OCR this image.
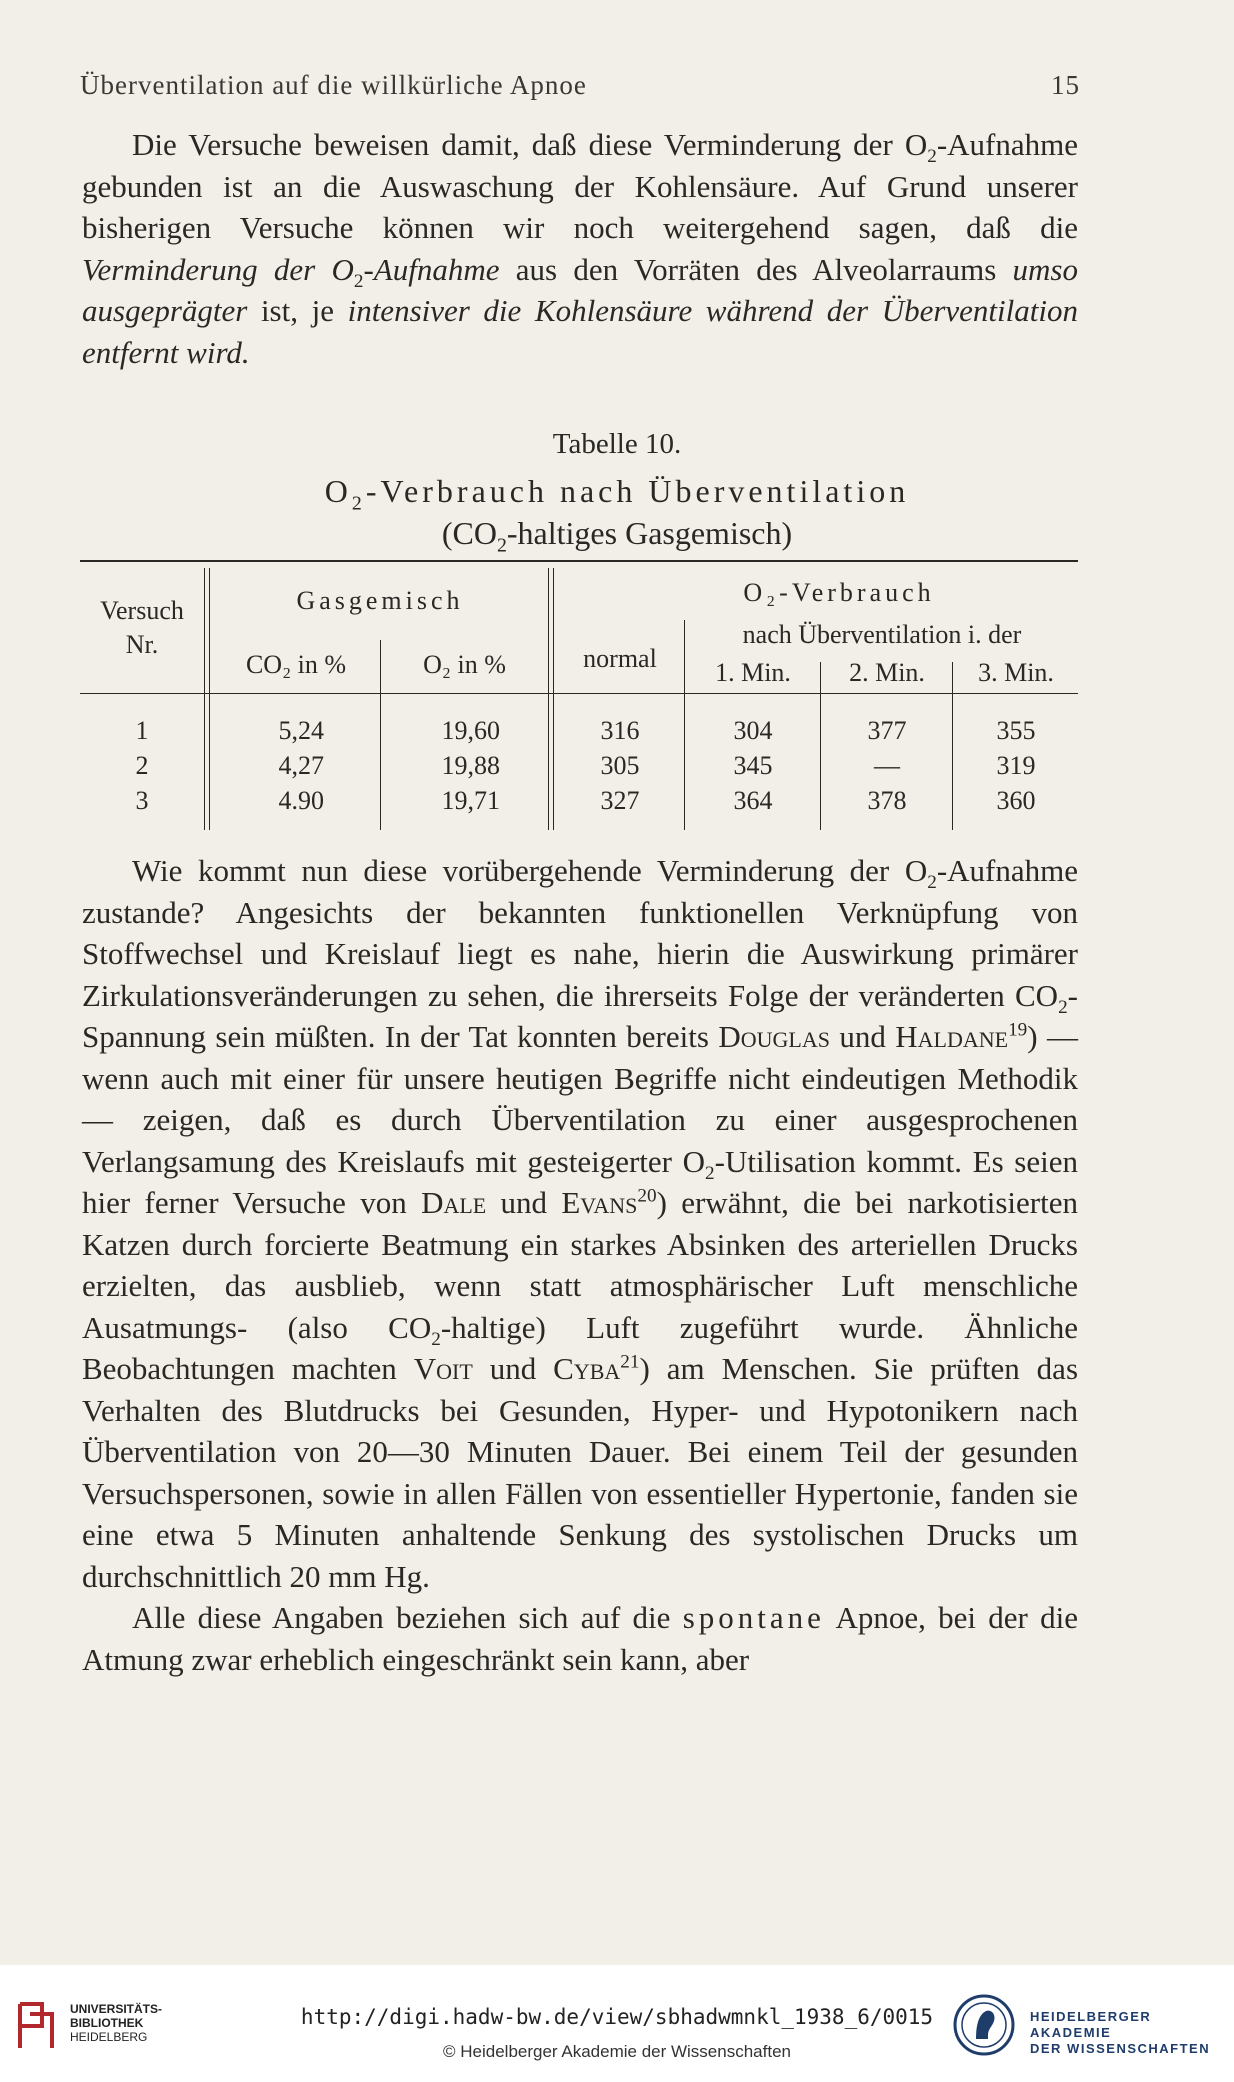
Überventilation auf die willkürliche Apnoe	15

Die Versuche beweisen damit, daß diese Verminderung der $O_2$-Aufnahme gebunden ist an die Auswaschung der Kohlensäure. Auf Grund unserer bisherigen Versuche können wir noch weitergehend sagen, daß die Verminderung der $O_2$-Aufnahme aus den Vorräten des Alveolarraums umso ausgeprägter ist, je intensiver die Kohlensäure während der Überventilation entfernt wird.

Tabelle 10.
$O_2$-Verbrauch nach Überventilation
($CO_2$-haltiges Gasgemisch)
Versuch
Nr.
Gasgemisch
CO₂ in %	O₂ in %	normal
O₂-Verbrauch
nach Überventilation i. der
1. Min.	2. Min.	3. Min.
1	5,24	19,60	316	304	377	355
2	4,27	19,88	305	345	—	319
3	4.90	19,71	327	364	378	360

Wie kommt nun diese vorübergehende Verminderung der $O_2$-Aufnahme zustande? Angesichts der bekannten funktionellen Verknüpfung von Stoffwechsel und Kreislauf liegt es nahe, hierin die Auswirkung primärer Zirkulationsveränderungen zu sehen, die ihrerseits Folge der veränderten $CO_2$-Spannung sein müßten. In der Tat konnten bereits Douglas und Haldane$^{19}$) — wenn auch mit einer für unsere heutigen Begriffe nicht eindeutigen Methodik — zeigen, daß es durch Überventilation zu einer ausgesprochenen Verlangsamung des Kreislaufs mit gesteigerter $O_2$-Utilisation kommt. Es seien hier ferner Versuche von Dale und Evans$^{20}$) erwähnt, die bei narkotisierten Katzen durch forcierte Beatmung ein starkes Absinken des arteriellen Drucks erzielten, das ausblieb, wenn statt atmosphärischer Luft menschliche Ausatmungs- (also $CO_2-haltige$) Luft zugeführt wurde. Ähnliche Beobachtungen machten Voit und Cyba$^{21}$) am Menschen. Sie prüften das Verhalten des Blutdrucks bei Gesunden, Hyper- und Hypotonikern nach Überventilation von 20—30 Minuten Dauer. Bei einem Teil der gesunden Versuchspersonen, sowie in allen Fällen von essentieller Hypertonie, fanden sie eine etwa 5 Minuten anhaltende Senkung des systolischen Drucks um durchschnittlich 20 mm Hg.

Alle diese Angaben beziehen sich auf die spontane Apnoe, bei der die Atmung zwar erheblich eingeschränkt sein kann, aber

UNIVERSITÄTS-
BIBLIOTHEK
HEIDELBERG
http://digi.hadw-bw.de/view/sbhadwmnkl_1938_6/0015
© Heidelberger Akademie der Wissenschaften
HEIDELBERGER AKADEMIE
DER WISSENSCHAFTEN
